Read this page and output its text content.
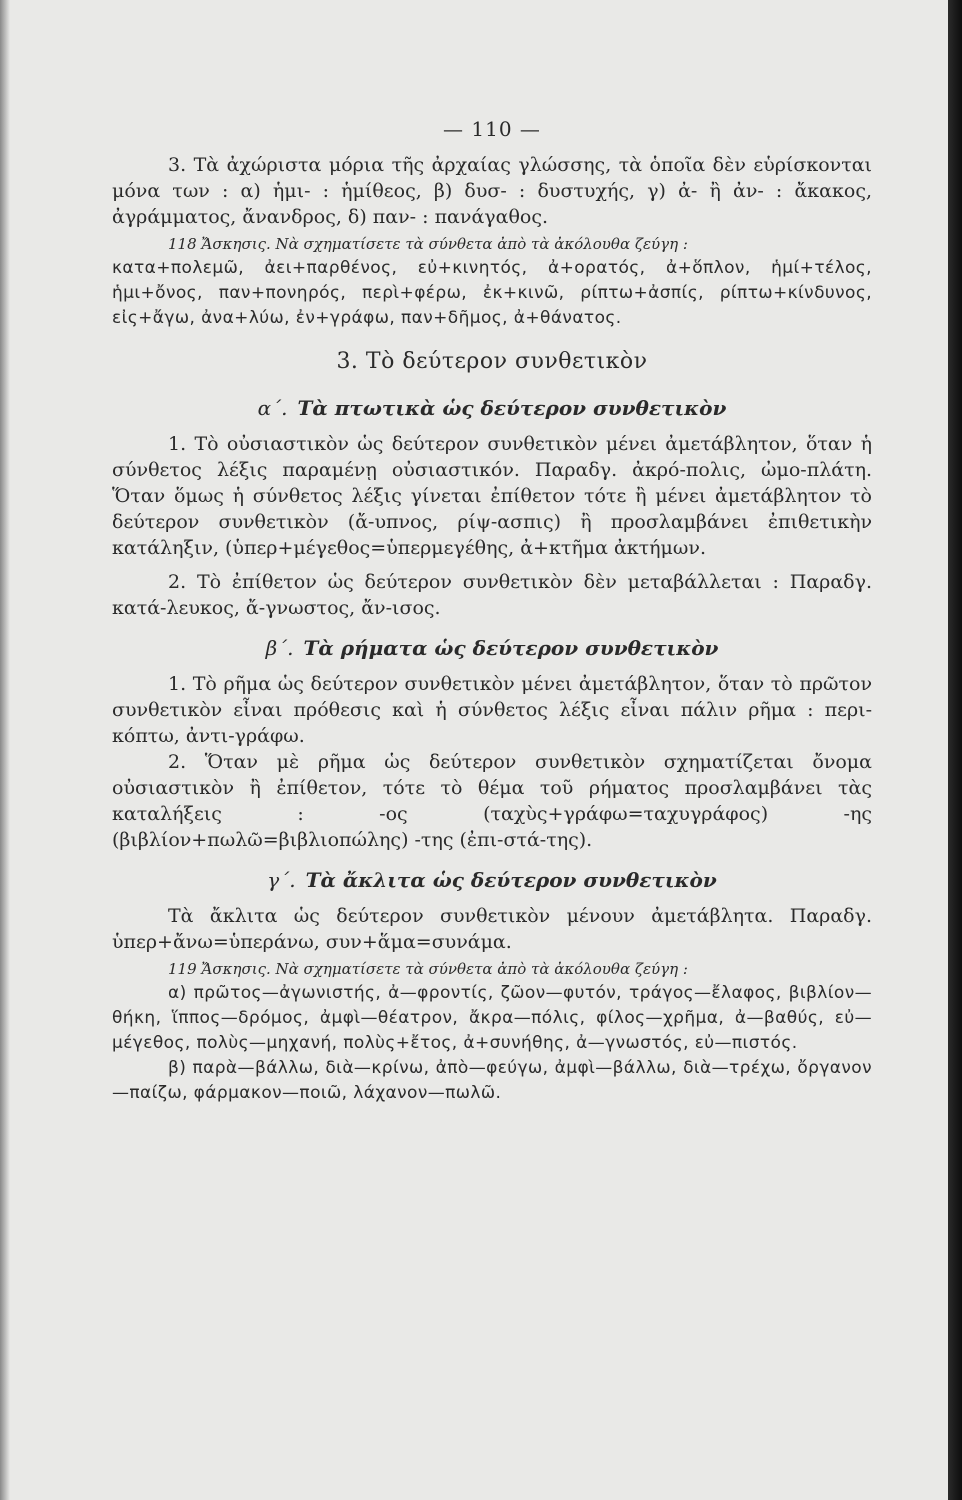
— 110 —

3. Τὰ ἀχώριστα μόρια τῆς ἀρχαίας γλώσσης, τὰ ὁποῖα δὲν εὑρίσκονται μόνα των : α) ἡμι- : ἡμίθεος, β) δυσ- : δυστυχής, γ) ἀ- ἢ ἀν- : ἄκακος, ἀγράμματος, ἄνανδρος, δ) παν- : πανάγαθος.

118 Ἄσκησις. Νὰ σχηματίσετε τὰ σύνθετα ἀπὸ τὰ ἀκόλουθα ζεύγη :

κατα+πολεμῶ, ἀει+παρθένος, εὐ+κινητός, ἀ+ορατός, ἀ+ὅπλον, ἡμί+τέλος, ἡμι+ὄνος, παν+πονηρός, περὶ+φέρω, ἐκ+κινῶ, ρίπτω+ἀσπίς, ρίπτω+κίνδυνος, εἰς+ἄγω, ἀνα+λύω, ἐν+γράφω, παν+δῆμος, ἀ+θάνατος.

3. Τὸ δεύτερον συνθετικὸν
α΄. Τὰ πτωτικὰ ὡς δεύτερον συνθετικὸν

1. Τὸ οὐσιαστικὸν ὡς δεύτερον συνθετικὸν μένει ἀμετάβλητον, ὅταν ἡ σύνθετος λέξις παραμένῃ οὐσιαστικόν. Παραδγ. ἀκρό-πολις, ὠμο-πλάτη. Ὅταν ὅμως ἡ σύνθετος λέξις γίνεται ἐπίθετον τότε ἢ μένει ἀμετάβλητον τὸ δεύτερον συνθετικὸν (ἄ-υπνος, ρίψ-ασπις) ἢ προσλαμβάνει ἐπιθετικὴν κατάληξιν, (ὑπερ+μέγεθος=ὑπερμεγέθης, ἀ+κτῆμα ἀκτήμων.

2. Τὸ ἐπίθετον ὡς δεύτερον συνθετικὸν δὲν μεταβάλλεται : Παραδγ. κατά-λευκος, ἄ-γνωστος, ἄν-ισος.

β΄. Τὰ ρήματα ὡς δεύτερον συνθετικὸν

1. Τὸ ρῆμα ὡς δεύτερον συνθετικὸν μένει ἀμετάβλητον, ὅταν τὸ πρῶτον συνθετικὸν εἶναι πρόθεσις καὶ ἡ σύνθετος λέξις εἶναι πάλιν ρῆμα : περι-κόπτω, ἀντι-γράφω.

2. Ὅταν μὲ ρῆμα ὡς δεύτερον συνθετικὸν σχηματίζεται ὄνομα οὐσιαστικὸν ἢ ἐπίθετον, τότε τὸ θέμα τοῦ ρήματος προσλαμβάνει τὰς καταλήξεις : -ος (ταχὺς+γράφω=ταχυγράφος) -ης (βιβλίον+πωλῶ=βιβλιοπώλης) -της (ἐπι-στά-της).

γ΄. Τὰ ἄκλιτα ὡς δεύτερον συνθετικὸν

Τὰ ἄκλιτα ὡς δεύτερον συνθετικὸν μένουν ἀμετάβλητα. Παραδγ. ὑπερ+ἄνω=ὑπεράνω, συν+ἅμα=συνάμα.

119 Ἄσκησις. Νὰ σχηματίσετε τὰ σύνθετα ἀπὸ τὰ ἀκόλουθα ζεύγη :

α) πρῶτος—ἀγωνιστής, ἀ—φροντίς, ζῶον—φυτόν, τράγος—ἔλαφος, βιβλίον—θήκη, ἵππος—δρόμος, ἀμφὶ—θέατρον, ἄκρα—πόλις, φίλος—χρῆμα, ἀ—βαθύς, εὐ—μέγεθος, πολὺς—μηχανή, πολὺς+ἔτος, ἀ+συνήθης, ἀ—γνωστός, εὐ—πιστός.

β) παρὰ—βάλλω, διὰ—κρίνω, ἀπὸ—φεύγω, ἀμφὶ—βάλλω, διὰ—τρέχω, ὄργανον—παίζω, φάρμακον—ποιῶ, λάχανον—πωλῶ.
